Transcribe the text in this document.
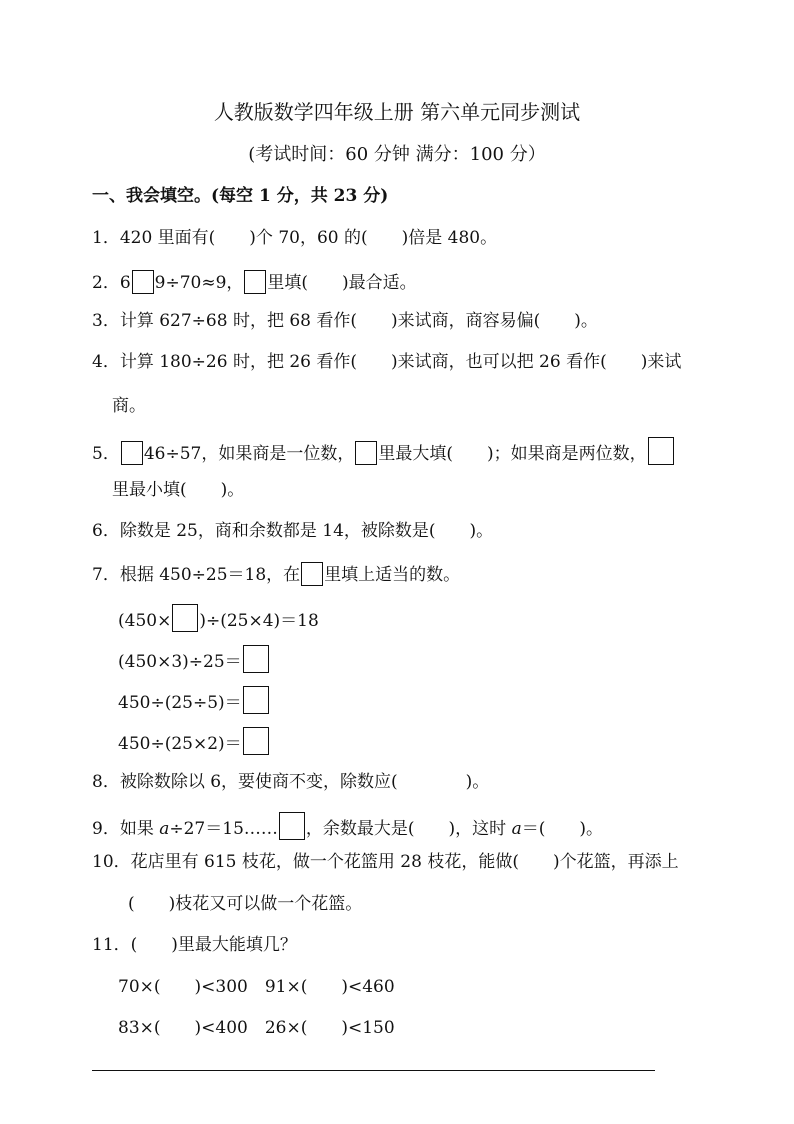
人教版数学四年级上册 第六单元同步测试
(考试时间：60 分钟 满分：100 分）
一、我会填空。(每空 1 分，共 23 分)
1．420 里面有(　　)个 70，60 的(　　)倍是 480。
2．6 9÷70≈9， 里填(　　)最合适。
3．计算 627÷68 时，把 68 看作(　　)来试商，商容易偏(　　)。
4．计算 180÷26 时，把 26 看作(　　)来试商，也可以把 26 看作(　　)来试
商。
5． 46÷57，如果商是一位数， 里最大填(　　)；如果商是两位数，
里最小填(　　)。
6．除数是 25，商和余数都是 14，被除数是(　　)。
7．根据 450÷25＝18，在 里填上适当的数。
(450× )÷(25×4)＝18
(450×3)÷25＝
450÷(25÷5)＝
450÷(25×2)＝
8．被除数除以 6，要使商不变，除数应(　　　　)。
9．如果 a÷27＝15…… ，余数最大是(　　)，这时 a＝(　　)。
10．花店里有 615 枝花，做一个花篮用 28 枝花，能做(　　)个花篮，再添上
(　　)枝花又可以做一个花篮。
11．(　　)里最大能填几？
70×(　　)<300　91×(　　)<460
83×(　　)<400　26×(　　)<150
